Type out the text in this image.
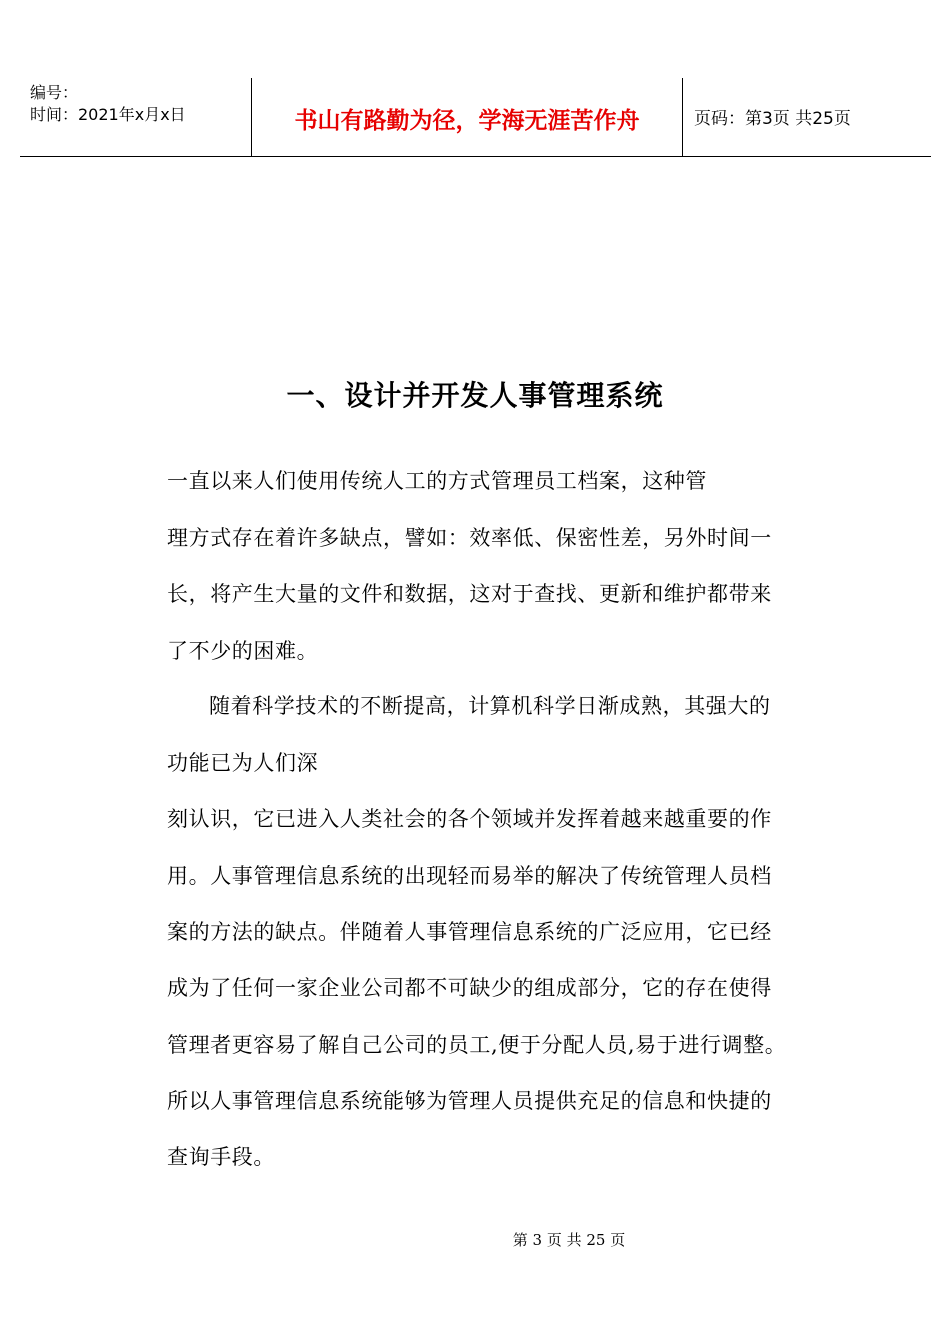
编号：
时间：2021年x月x日	书山有路勤为径，学海无涯苦作舟	页码：第3页 共25页
一、设计并开发人事管理系统
一直以来人们使用传统人工的方式管理员工档案，这种管
理方式存在着许多缺点，譬如：效率低、保密性差，另外时间一
长，将产生大量的文件和数据，这对于查找、更新和维护都带来
了不少的困难。
随着科学技术的不断提高，计算机科学日渐成熟，其强大的
功能已为人们深
刻认识，它已进入人类社会的各个领域并发挥着越来越重要的作
用。人事管理信息系统的出现轻而易举的解决了传统管理人员档
案的方法的缺点。伴随着人事管理信息系统的广泛应用，它已经
成为了任何一家企业公司都不可缺少的组成部分，它的存在使得
管理者更容易了解自己公司的员工,便于分配人员,易于进行调整。
所以人事管理信息系统能够为管理人员提供充足的信息和快捷的
查询手段。
第 3 页 共 25 页
